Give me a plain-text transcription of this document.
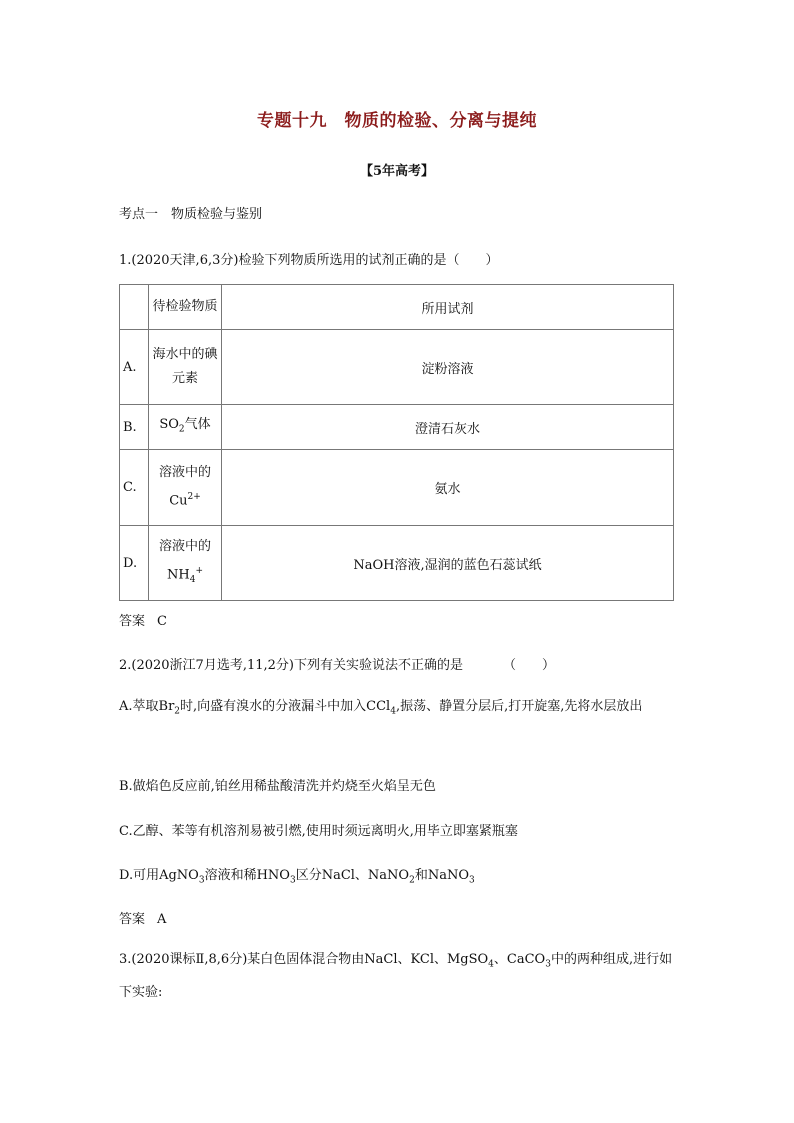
专题十九　物质的检验、分离与提纯
【5年高考】
考点一　物质检验与鉴别
1.(2020天津,6,3分)检验下列物质所选用的试剂正确的是（　　）
	待检验物质	所用试剂
A.	海水中的碘元素	淀粉溶液
B.	$SO_2$气体	澄清石灰水
C.	溶液中的$Cu^{2+}$	氨水
D.	溶液中的$NH_4^+$	NaOH溶液,湿润的蓝色石蕊试纸
答案 C
2.(2020浙江7月选考,11,2分)下列有关实验说法不正确的是	（　　）
A.萃取$Br_2$时,向盛有溴水的分液漏斗中加入CCl$_4$,振荡、静置分层后,打开旋塞,先将水层放出
B.做焰色反应前,铂丝用稀盐酸清洗并灼烧至火焰呈无色
C.乙醇、苯等有机溶剂易被引燃,使用时须远离明火,用毕立即塞紧瓶塞
D.可用AgNO$_3$溶液和稀$HNO_3$区分NaCl、NaNO$_2$和NaNO$_3$
答案 A
3.(2020课标Ⅱ,8,6分)某白色固体混合物由NaCl、KCl、MgSO$_4$、CaCO$_3$中的两种组成,进行如下实验:
